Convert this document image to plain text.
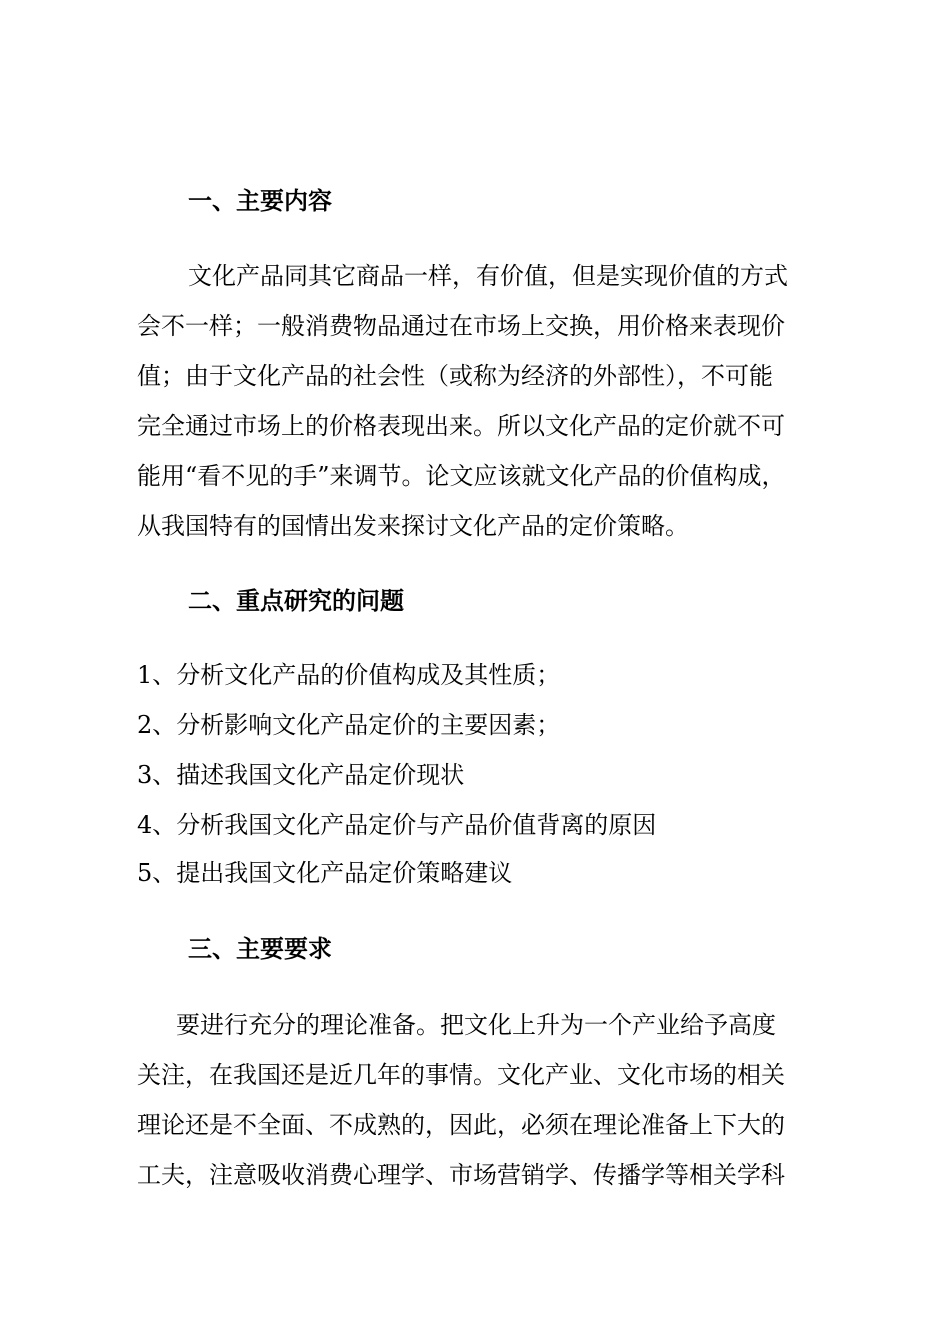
一、主要内容

文化产品同其它商品一样，有价值，但是实现价值的方式

会不一样；一般消费物品通过在市场上交换，用价格来表现价

值；由于文化产品的社会性（或称为经济的外部性），不可能

完全通过市场上的价格表现出来。所以文化产品的定价就不可

能用“看不见的手”来调节。论文应该就文化产品的价值构成，

从我国特有的国情出发来探讨文化产品的定价策略。

二、重点研究的问题

1、分析文化产品的价值构成及其性质；

2、分析影响文化产品定价的主要因素；

3、描述我国文化产品定价现状

4、分析我国文化产品定价与产品价值背离的原因

5、提出我国文化产品定价策略建议

三、主要要求

要进行充分的理论准备。把文化上升为一个产业给予高度

关注，在我国还是近几年的事情。文化产业、文化市场的相关

理论还是不全面、不成熟的，因此，必须在理论准备上下大的

工夫，注意吸收消费心理学、市场营销学、传播学等相关学科
